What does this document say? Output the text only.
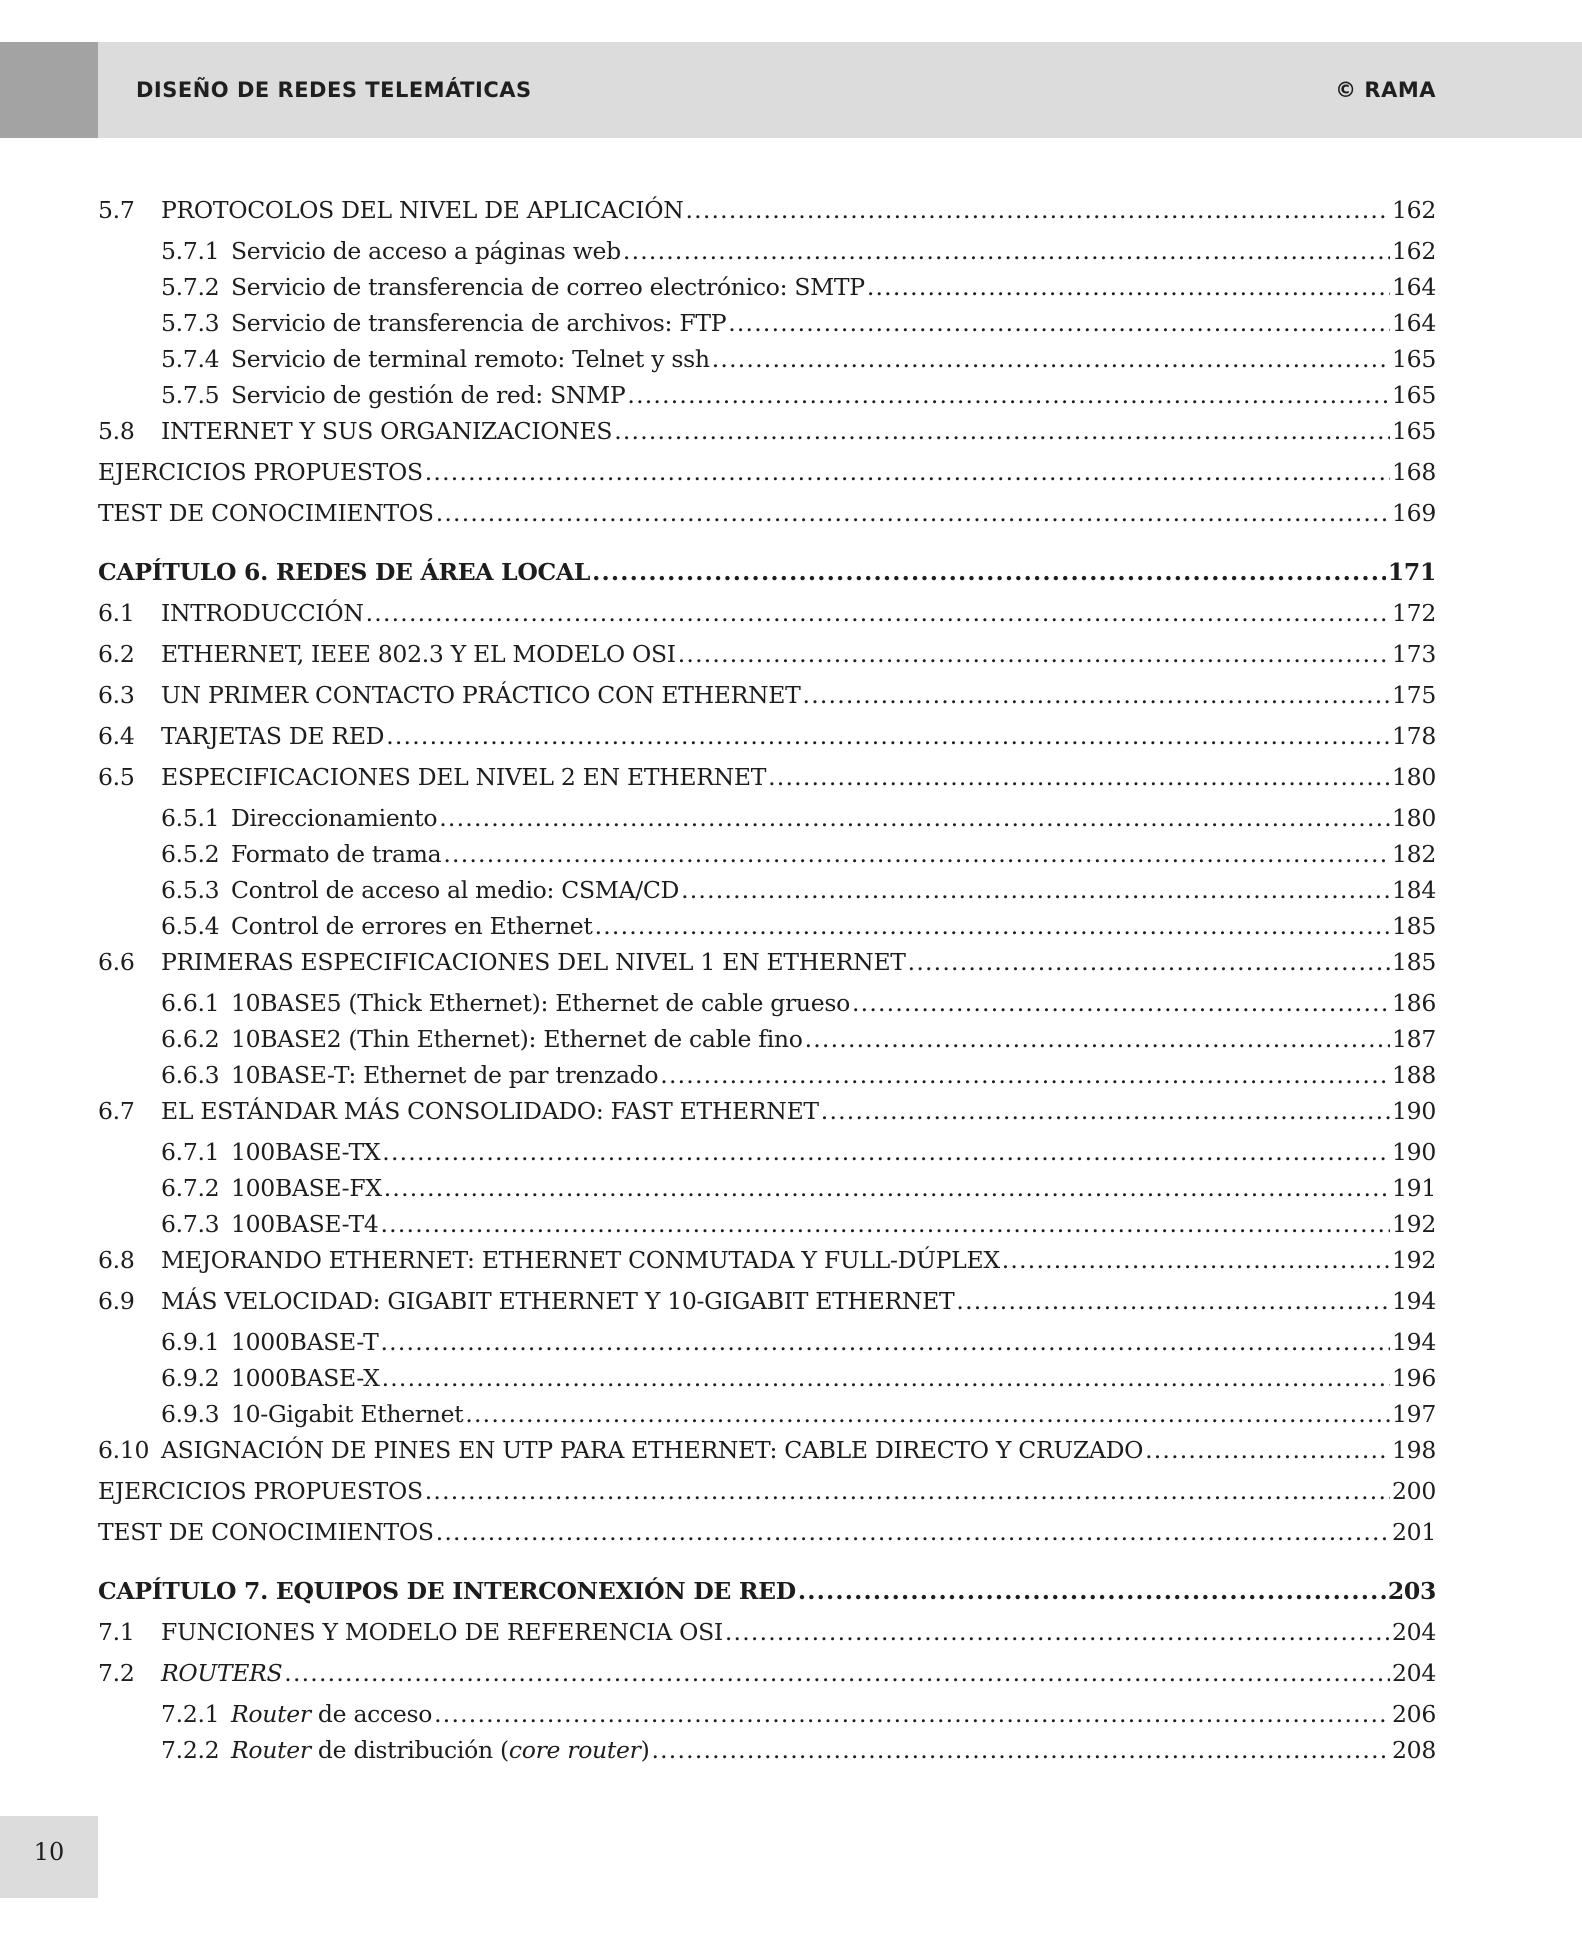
DISEÑO DE REDES TELEMÁTICAS	© RAMA
5.7	PROTOCOLOS DEL NIVEL DE APLICACIÓN .....	162
5.7.1 Servicio de acceso a páginas web .....	162
5.7.2 Servicio de transferencia de correo electrónico: SMTP .....	164
5.7.3 Servicio de transferencia de archivos: FTP .....	164
5.7.4 Servicio de terminal remoto: Telnet y ssh .....	165
5.7.5 Servicio de gestión de red: SNMP .....	165
5.8	INTERNET Y SUS ORGANIZACIONES .....	165
EJERCICIOS PROPUESTOS .....	168
TEST DE CONOCIMIENTOS .....	169
CAPÍTULO 6. REDES DE ÁREA LOCAL .....	171
6.1	INTRODUCCIÓN .....	172
6.2	ETHERNET, IEEE 802.3 Y EL MODELO OSI .....	173
6.3	UN PRIMER CONTACTO PRÁCTICO CON ETHERNET .....	175
6.4	TARJETAS DE RED .....	178
6.5	ESPECIFICACIONES DEL NIVEL 2 EN ETHERNET .....	180
6.5.1 Direccionamiento .....	180
6.5.2 Formato de trama .....	182
6.5.3 Control de acceso al medio: CSMA/CD .....	184
6.5.4 Control de errores en Ethernet .....	185
6.6	PRIMERAS ESPECIFICACIONES DEL NIVEL 1 EN ETHERNET .....	185
6.6.1 10BASE5 (Thick Ethernet): Ethernet de cable grueso .....	186
6.6.2 10BASE2 (Thin Ethernet): Ethernet de cable fino .....	187
6.6.3 10BASE-T: Ethernet de par trenzado .....	188
6.7	EL ESTÁNDAR MÁS CONSOLIDADO: FAST ETHERNET .....	190
6.7.1 100BASE-TX .....	190
6.7.2 100BASE-FX .....	191
6.7.3 100BASE-T4 .....	192
6.8	MEJORANDO ETHERNET: ETHERNET CONMUTADA Y FULL-DÚPLEX .....	192
6.9	MÁS VELOCIDAD: GIGABIT ETHERNET Y 10-GIGABIT ETHERNET .....	194
6.9.1 1000BASE-T .....	194
6.9.2 1000BASE-X .....	196
6.9.3 10-Gigabit Ethernet .....	197
6.10 ASIGNACIÓN DE PINES EN UTP PARA ETHERNET: CABLE DIRECTO Y CRUZADO .....	198
EJERCICIOS PROPUESTOS .....	200
TEST DE CONOCIMIENTOS .....	201
CAPÍTULO 7. EQUIPOS DE INTERCONEXIÓN DE RED .....	203
7.1	FUNCIONES Y MODELO DE REFERENCIA OSI .....	204
7.2	ROUTERS .....	204
7.2.1 Router de acceso .....	206
7.2.2 Router de distribución (core router) .....	208
10
